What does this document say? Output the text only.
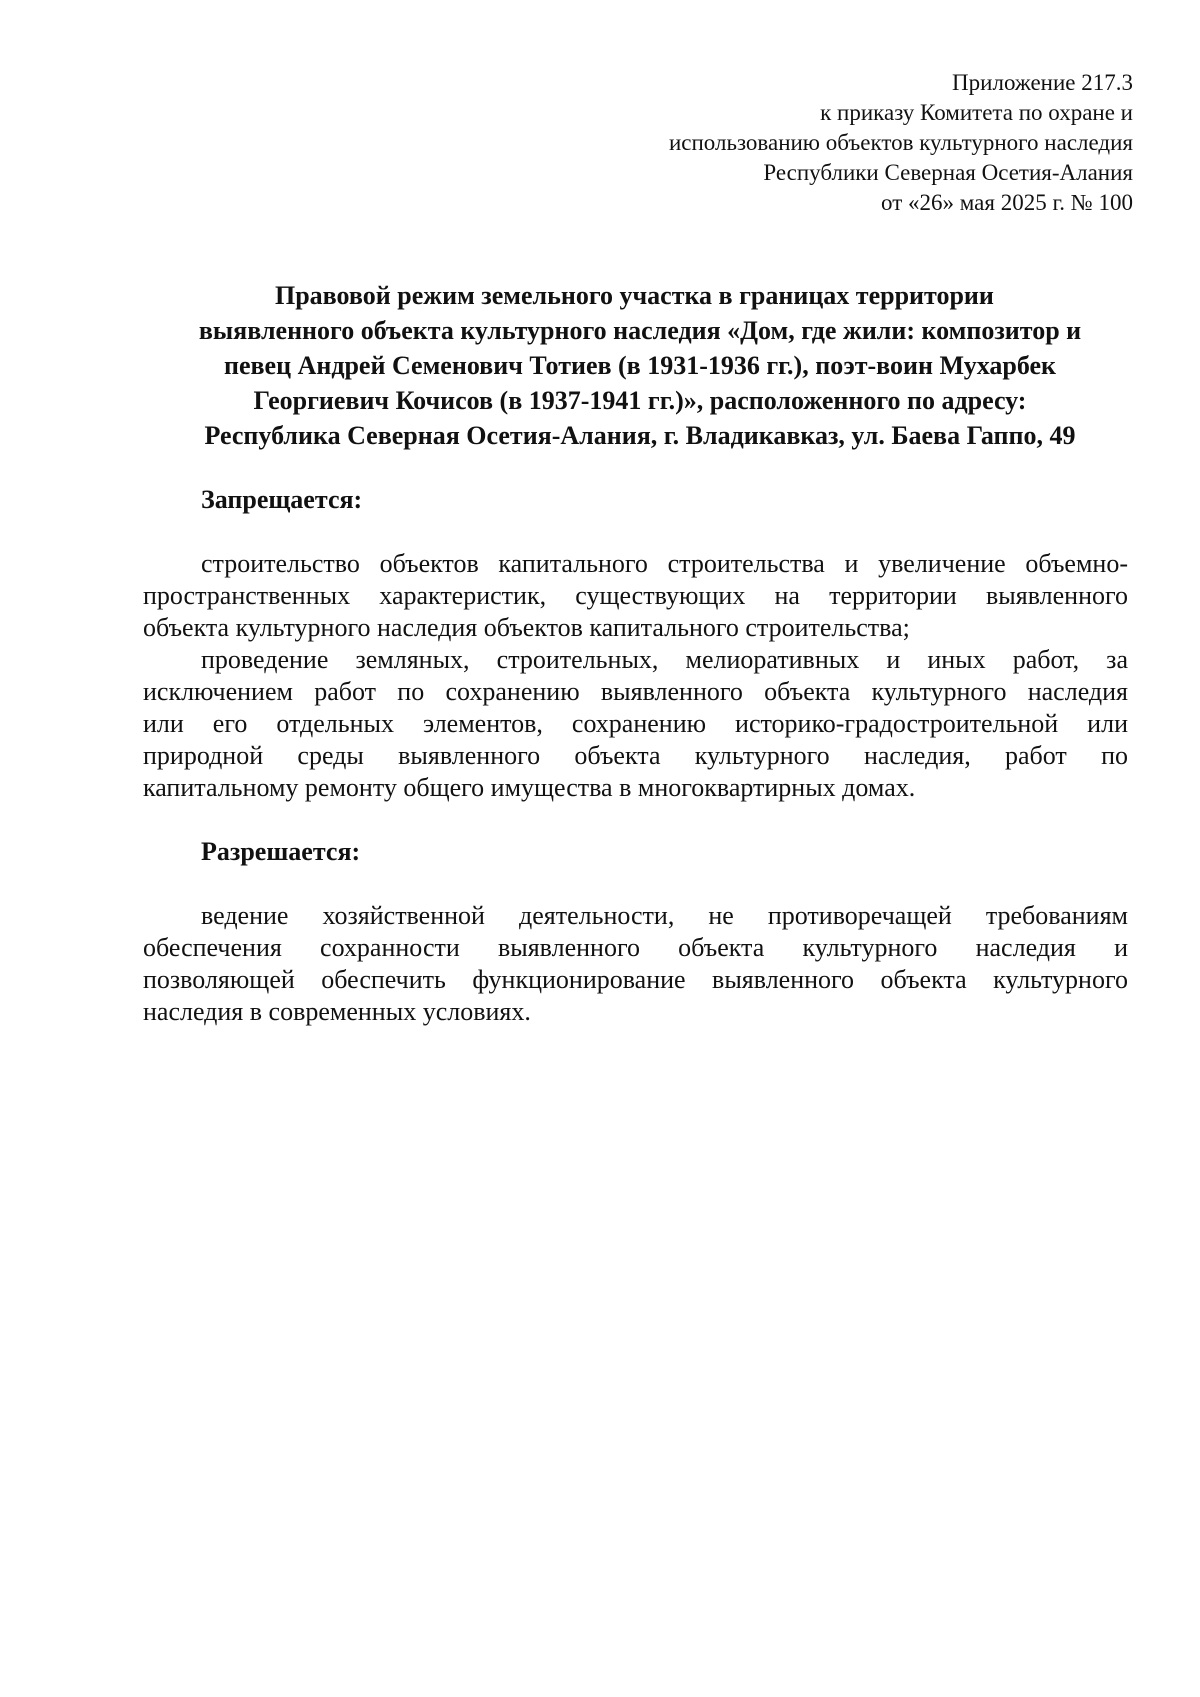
Приложение 217.3
к приказу Комитета по охране и
использованию объектов культурного наследия
Республики Северная Осетия-Алания
от «26» мая 2025 г. № 100
Правовой режим земельного участка в границах территории
выявленного объекта культурного наследия «Дом, где жили: композитор и
певец Андрей Семенович Тотиев (в 1931-1936 гг.), поэт-воин Мухарбек
Георгиевич Кочисов (в 1937-1941 гг.)», расположенного по адресу:
Республика Северная Осетия-Алания, г. Владикавказ, ул. Баева Гаппо, 49
Запрещается:
строительство объектов капитального строительства и увеличение объемно-
пространственных характеристик, существующих на территории выявленного
объекта культурного наследия объектов капитального строительства;
проведение земляных, строительных, мелиоративных и иных работ, за
исключением работ по сохранению выявленного объекта культурного наследия
или его отдельных элементов, сохранению историко-градостроительной или
природной среды выявленного объекта культурного наследия, работ по
капитальному ремонту общего имущества в многоквартирных домах.
Разрешается:
ведение хозяйственной деятельности, не противоречащей требованиям
обеспечения сохранности выявленного объекта культурного наследия и
позволяющей обеспечить функционирование выявленного объекта культурного
наследия в современных условиях.
